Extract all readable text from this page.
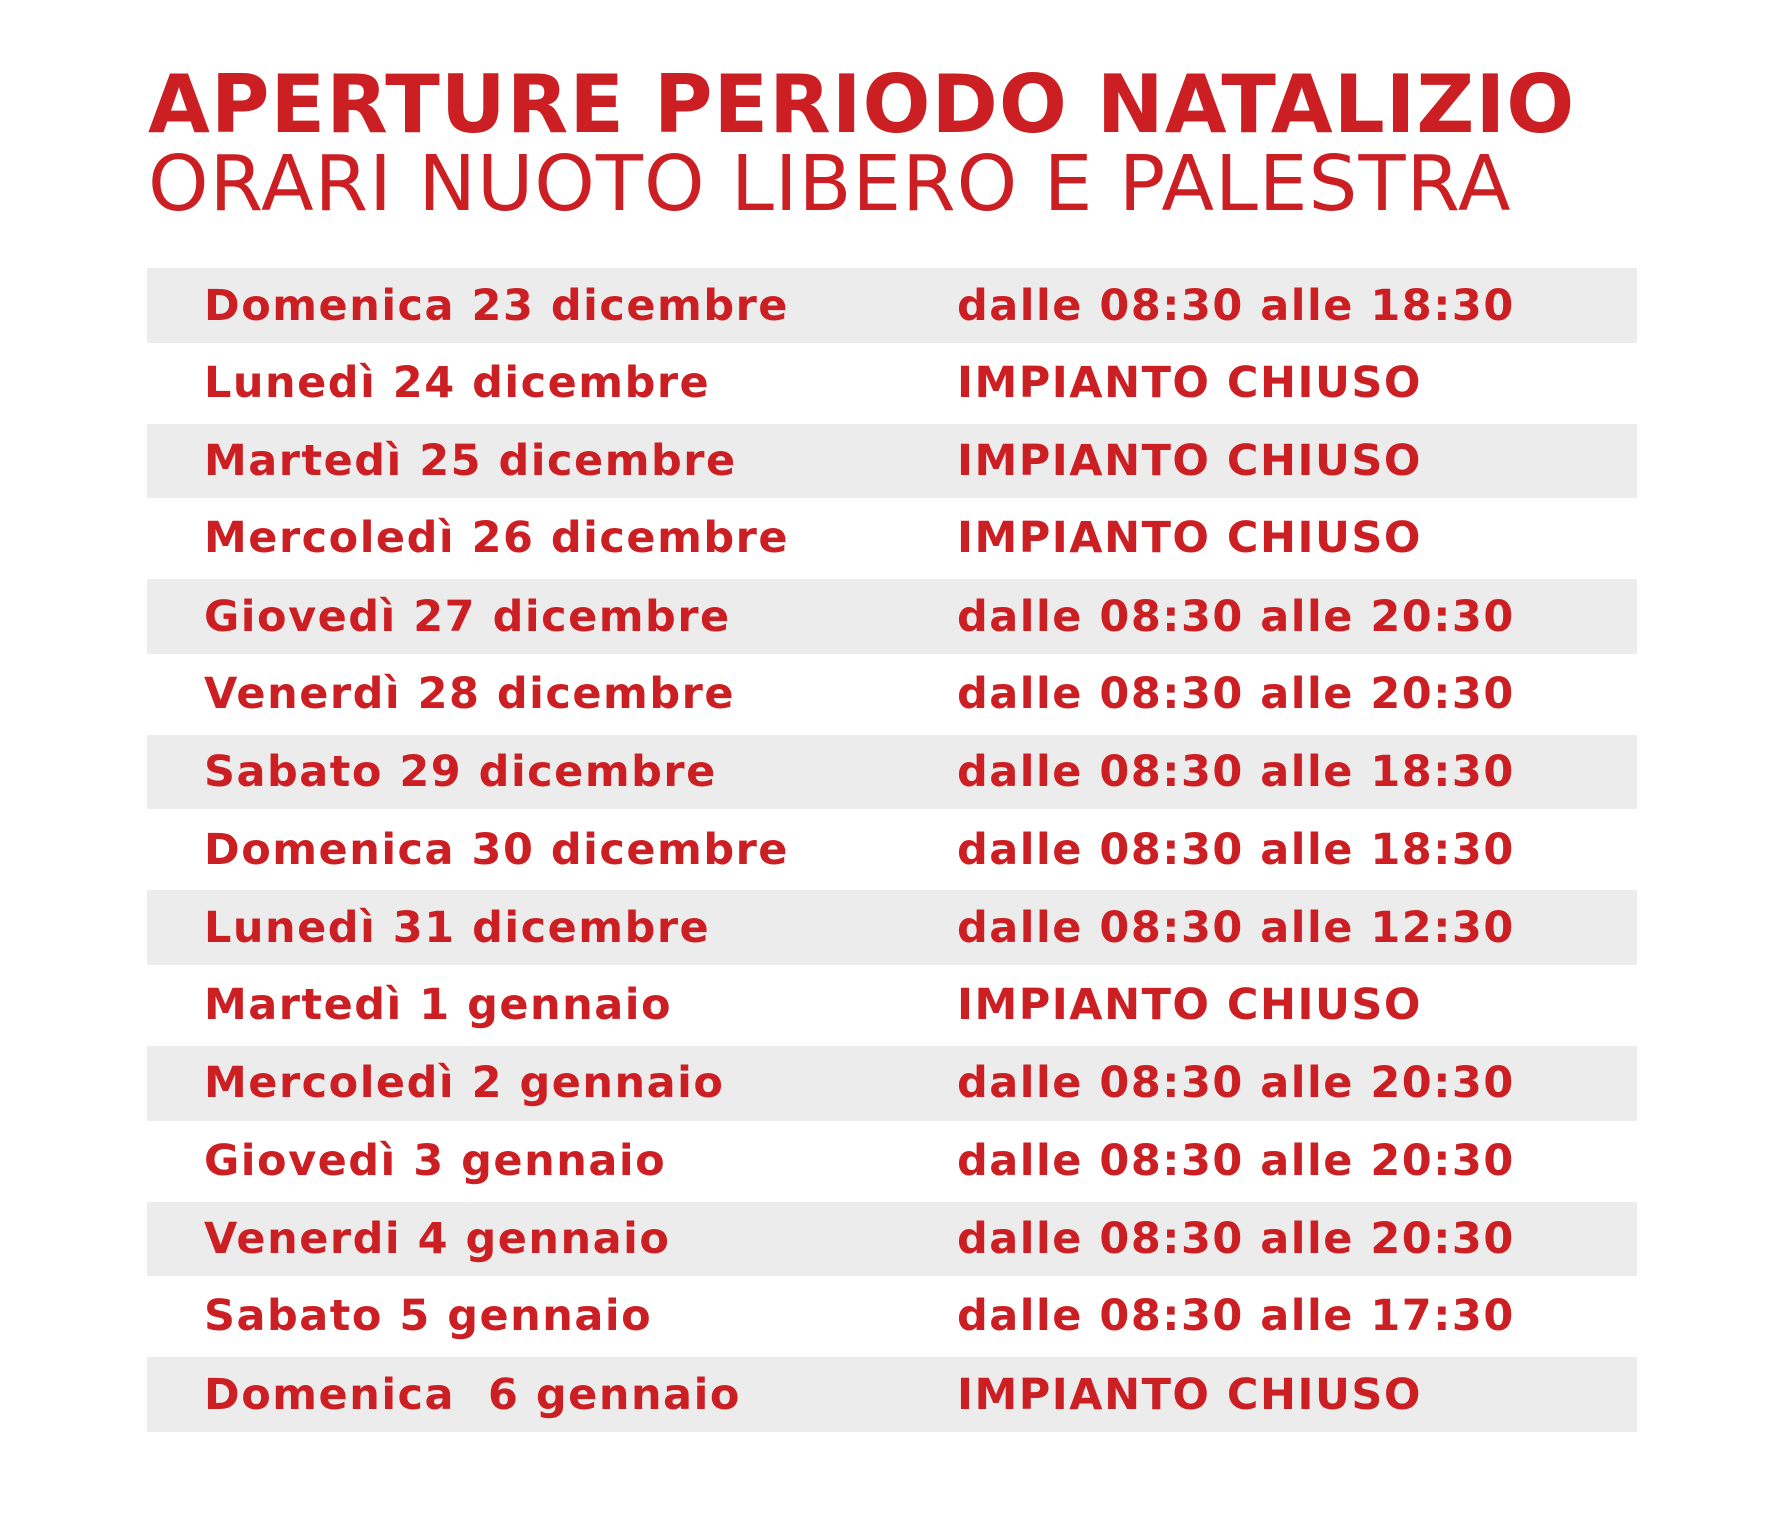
APERTURE PERIODO NATALIZIO
ORARI NUOTO LIBERO E PALESTRA
Domenica 23 dicembre	dalle 08:30 alle 18:30
Lunedì 24 dicembre	IMPIANTO CHIUSO
Martedì 25 dicembre	IMPIANTO CHIUSO
Mercoledì 26 dicembre	IMPIANTO CHIUSO
Giovedì 27 dicembre	dalle 08:30 alle 20:30
Venerdì 28 dicembre	dalle 08:30 alle 20:30
Sabato 29 dicembre	dalle 08:30 alle 18:30
Domenica 30 dicembre	dalle 08:30 alle 18:30
Lunedì 31 dicembre	dalle 08:30 alle 12:30
Martedì 1 gennaio	IMPIANTO CHIUSO
Mercoledì 2 gennaio	dalle 08:30 alle 20:30
Giovedì 3 gennaio	dalle 08:30 alle 20:30
Venerdi 4 gennaio	dalle 08:30 alle 20:30
Sabato 5 gennaio	dalle 08:30 alle 17:30
Domenica  6 gennaio	IMPIANTO CHIUSO
